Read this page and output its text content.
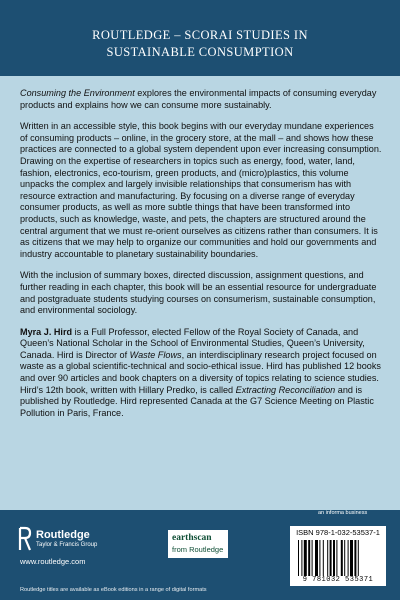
ROUTLEDGE – SCORAI STUDIES IN
SUSTAINABLE CONSUMPTION

Consuming the Environment explores the environmental impacts of consuming everyday products and explains how we can consume more sustainably.

Written in an accessible style, this book begins with our everyday mundane experiences of consuming products – online, in the grocery store, at the mall – and shows how these practices are connected to a global system dependent upon ever increasing consumption. Drawing on the expertise of researchers in topics such as energy, food, water, land, fashion, electronics, eco-tourism, green products, and (micro)plastics, this volume unpacks the complex and largely invisible relationships that consumerism has with resource extraction and manufacturing. By focusing on a diverse range of everyday consumer products, as well as more subtle things that have been transformed into products, such as knowledge, waste, and pets, the chapters are structured around the central argument that we must re-orient ourselves as citizens rather than consumers. It is as citizens that we may help to organize our communities and hold our governments and industry accountable to planetary sustainability boundaries.

With the inclusion of summary boxes, directed discussion, assignment questions, and further reading in each chapter, this book will be an essential resource for undergraduate and postgraduate students studying courses on consumerism, sustainable consumption, and environmental sociology.

Myra J. Hird is a Full Professor, elected Fellow of the Royal Society of Canada, and Queen’s National Scholar in the School of Environmental Studies, Queen’s University, Canada. Hird is Director of Waste Flows, an interdisciplinary research project focused on waste as a global scientific-technical and socio-ethical issue. Hird has published 12 books and over 90 articles and book chapters on a diversity of topics relating to science studies. Hird’s 12th book, written with Hillary Predko, is called Extracting Reconciliation and is published by Routledge. Hird represented Canada at the G7 Science Meeting on Plastic Pollution in Paris, France.

Routledge
Taylor & Francis Group
www.routledge.com
earthscan
from Routledge
an informa business
ISBN 978-1-032-53537-1
9 781032 535371
Routledge titles are available as eBook editions in a range of digital formats
